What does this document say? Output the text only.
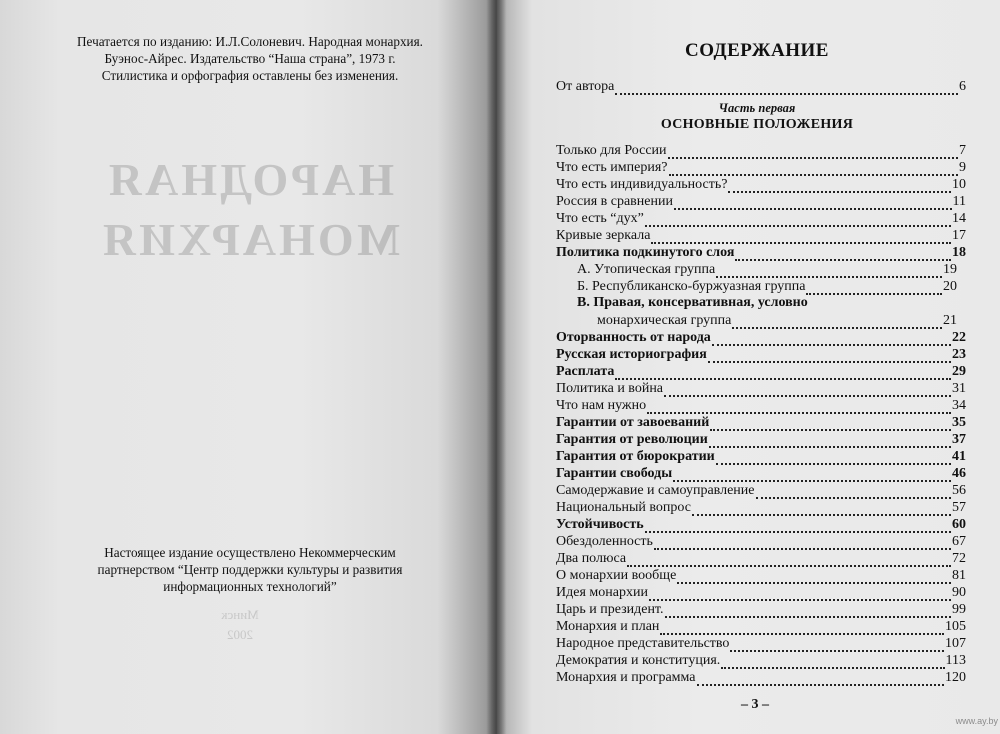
Печатается по изданию: И.Л.Солоневич. Народная монархия.
Буэнос-Айрес. Издательство “Наша страна”, 1973 г.
Стилистика и орфография оставлены без изменения.
НАРОДНАЯ
МОНАРХИЯ
Минск
2002
Настоящее издание осуществлено Некоммерческим
партнерством “Центр поддержки культуры и развития
информационных технологий”
СОДЕРЖАНИЕ
От автора	6
Часть первая
ОСНОВНЫЕ ПОЛОЖЕНИЯ
Только для России	7
Что есть империя?	9
Что есть индивидуальность?	10
Россия в сравнении	11
Что есть “дух”	14
Кривые зеркала	17
Политика подкинутого слоя	18
А. Утопическая группа	19
Б. Республиканско-буржуазная группа	20
В. Правая, консервативная, условно
монархическая группа	21
Оторванность от народа	22
Русская историография	23
Расплата	29
Политика и война	31
Что нам нужно	34
Гарантии от завоеваний	35
Гарантия от революции	37
Гарантия от бюрократии	41
Гарантии свободы	46
Самодержавие и самоуправление	56
Национальный вопрос	57
Устойчивость	60
Обездоленность	67
Два полюса	72
О монархии вообще	81
Идея монархии	90
Царь и президент.	99
Монархия и план	105
Народное представительство	107
Демократия и конституция.	113
Монархия и программа	120
– 3 –
www.ay.by
